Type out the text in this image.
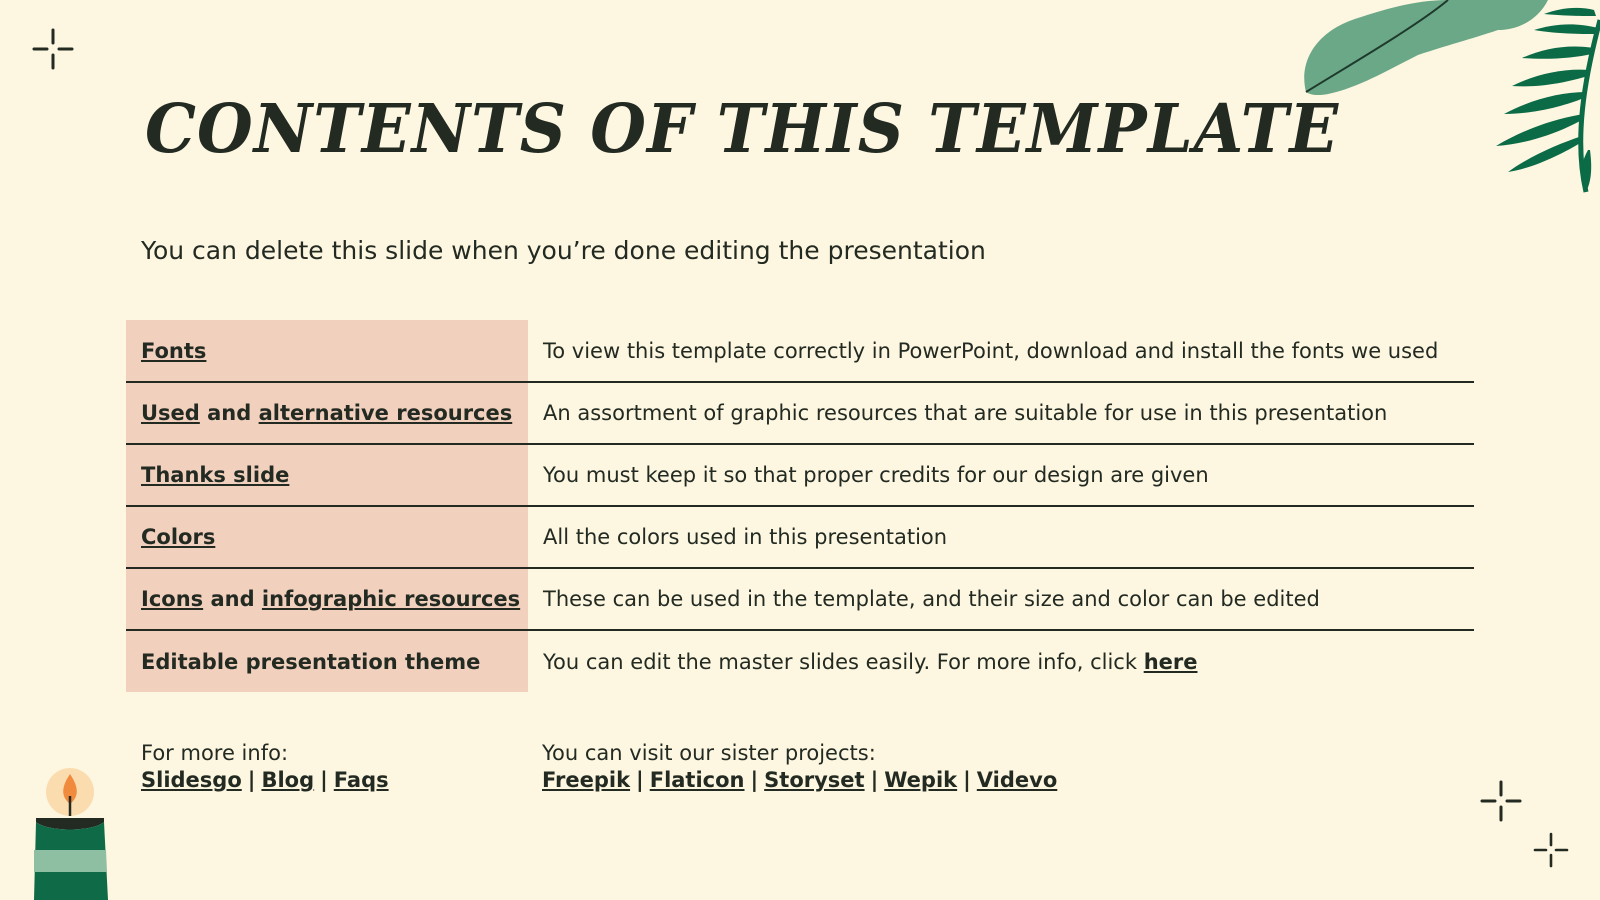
CONTENTS OF THIS TEMPLATE
You can delete this slide when you’re done editing the presentation
Fonts	To view this template correctly in PowerPoint, download and install the fonts we used
Used and alternative resources	An assortment of graphic resources that are suitable for use in this presentation
Thanks slide	You must keep it so that proper credits for our design are given
Colors	All the colors used in this presentation
Icons and infographic resources	These can be used in the template, and their size and color can be edited
Editable presentation theme	You can edit the master slides easily. For more info, click here
For more info:
Slidesgo | Blog | Faqs
You can visit our sister projects:
Freepik | Flaticon | Storyset | Wepik | Videvo
